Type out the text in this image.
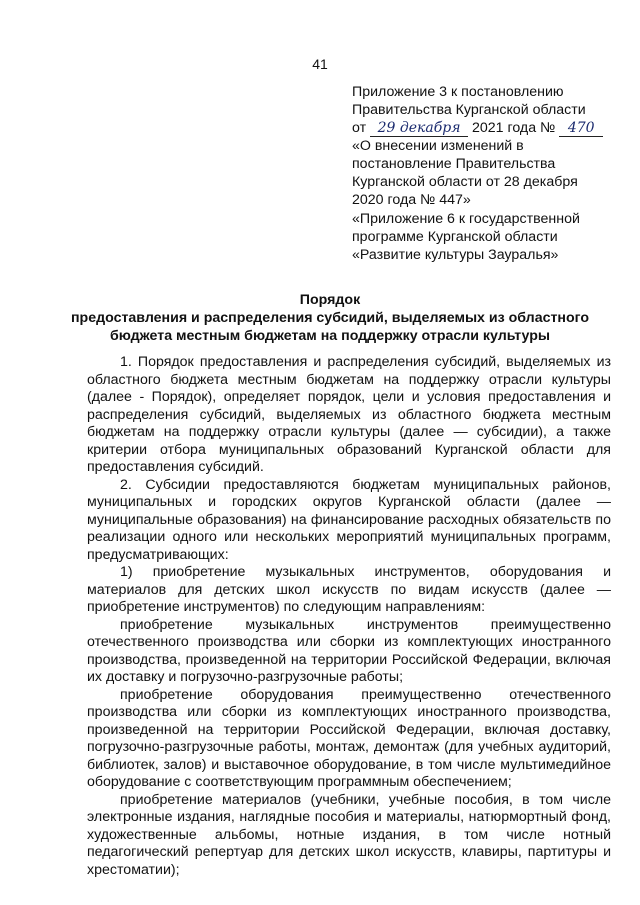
41
Приложение 3 к постановлению
Правительства Курганской области
от 29 декабря 2021 года № 470
«О внесении изменений в
постановление Правительства
Курганской области от 28 декабря
2020 года № 447»
«Приложение 6 к государственной
программе Курганской области
«Развитие культуры Зауралья»
Порядок
предоставления и распределения субсидий, выделяемых из областного
бюджета местным бюджетам на поддержку отрасли культуры

1. Порядок предоставления и распределения субсидий, выделяемых из областного бюджета местным бюджетам на поддержку отрасли культуры (далее - Порядок), определяет порядок, цели и условия предоставления и распределения субсидий, выделяемых из областного бюджета местным бюджетам на поддержку отрасли культуры (далее — субсидии), а также критерии отбора муниципальных образований Курганской области для предоставления субсидий.

2. Субсидии предоставляются бюджетам муниципальных районов, муниципальных и городских округов Курганской области (далее — муниципальные образования) на финансирование расходных обязательств по реализации одного или нескольких мероприятий муниципальных программ, предусматривающих:

1) приобретение музыкальных инструментов, оборудования и материалов для детских школ искусств по видам искусств (далее — приобретение инструментов) по следующим направлениям:

приобретение музыкальных инструментов преимущественно отечественного производства или сборки из комплектующих иностранного производства, произведенной на территории Российской Федерации, включая их доставку и погрузочно-разгрузочные работы;

приобретение оборудования преимущественно отечественного производства или сборки из комплектующих иностранного производства, произведенной на территории Российской Федерации, включая доставку, погрузочно-разгрузочные работы, монтаж, демонтаж (для учебных аудиторий, библиотек, залов) и выставочное оборудование, в том числе мультимедийное оборудование с соответствующим программным обеспечением;

приобретение материалов (учебники, учебные пособия, в том числе электронные издания, наглядные пособия и материалы, натюрмортный фонд, художественные альбомы, нотные издания, в том числе нотный педагогический репертуар для детских школ искусств, клавиры, партитуры и хрестоматии);
